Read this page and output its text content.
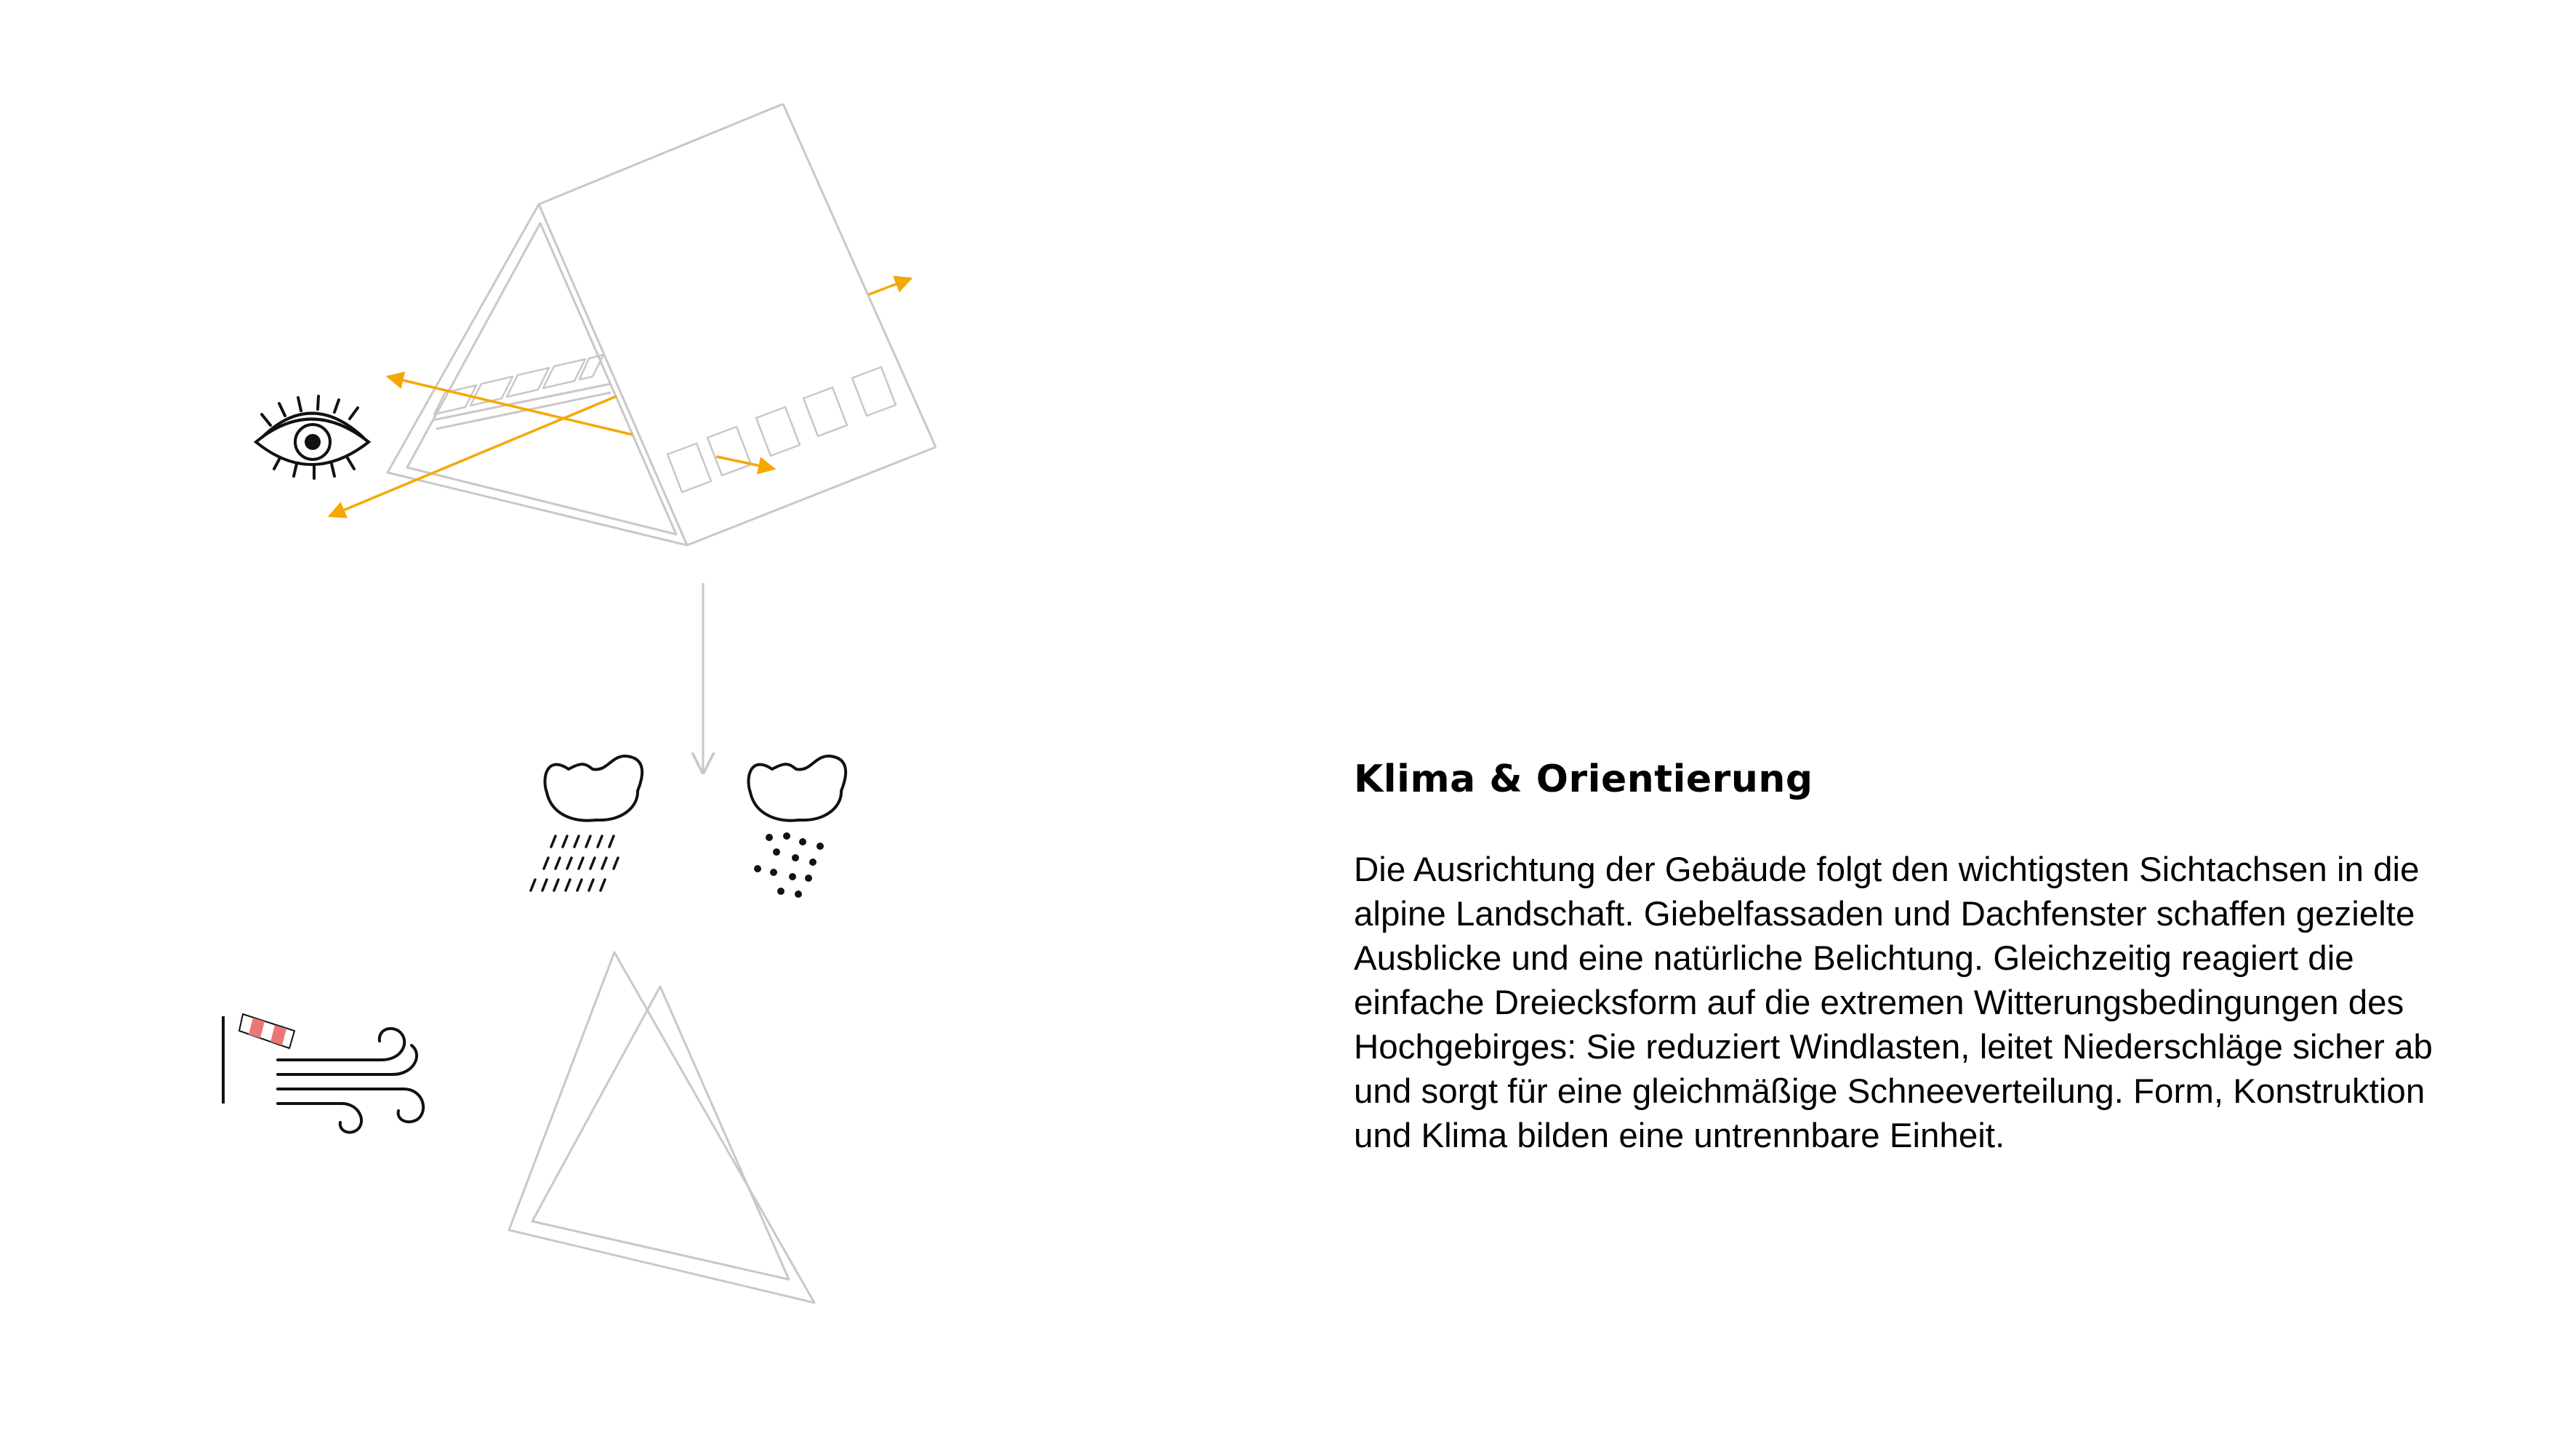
Klima & Orientierung

Die Ausrichtung der Gebäude folgt den wichtigsten Sichtachsen in die
alpine Landschaft. Giebelfassaden und Dachfenster schaffen gezielte
Ausblicke und eine natürliche Belichtung. Gleichzeitig reagiert die
einfache Dreiecksform auf die extremen Witterungsbedingungen des
Hochgebirges: Sie reduziert Windlasten, leitet Niederschläge sicher ab
und sorgt für eine gleichmäßige Schneeverteilung. Form, Konstruktion
und Klima bilden eine untrennbare Einheit.
